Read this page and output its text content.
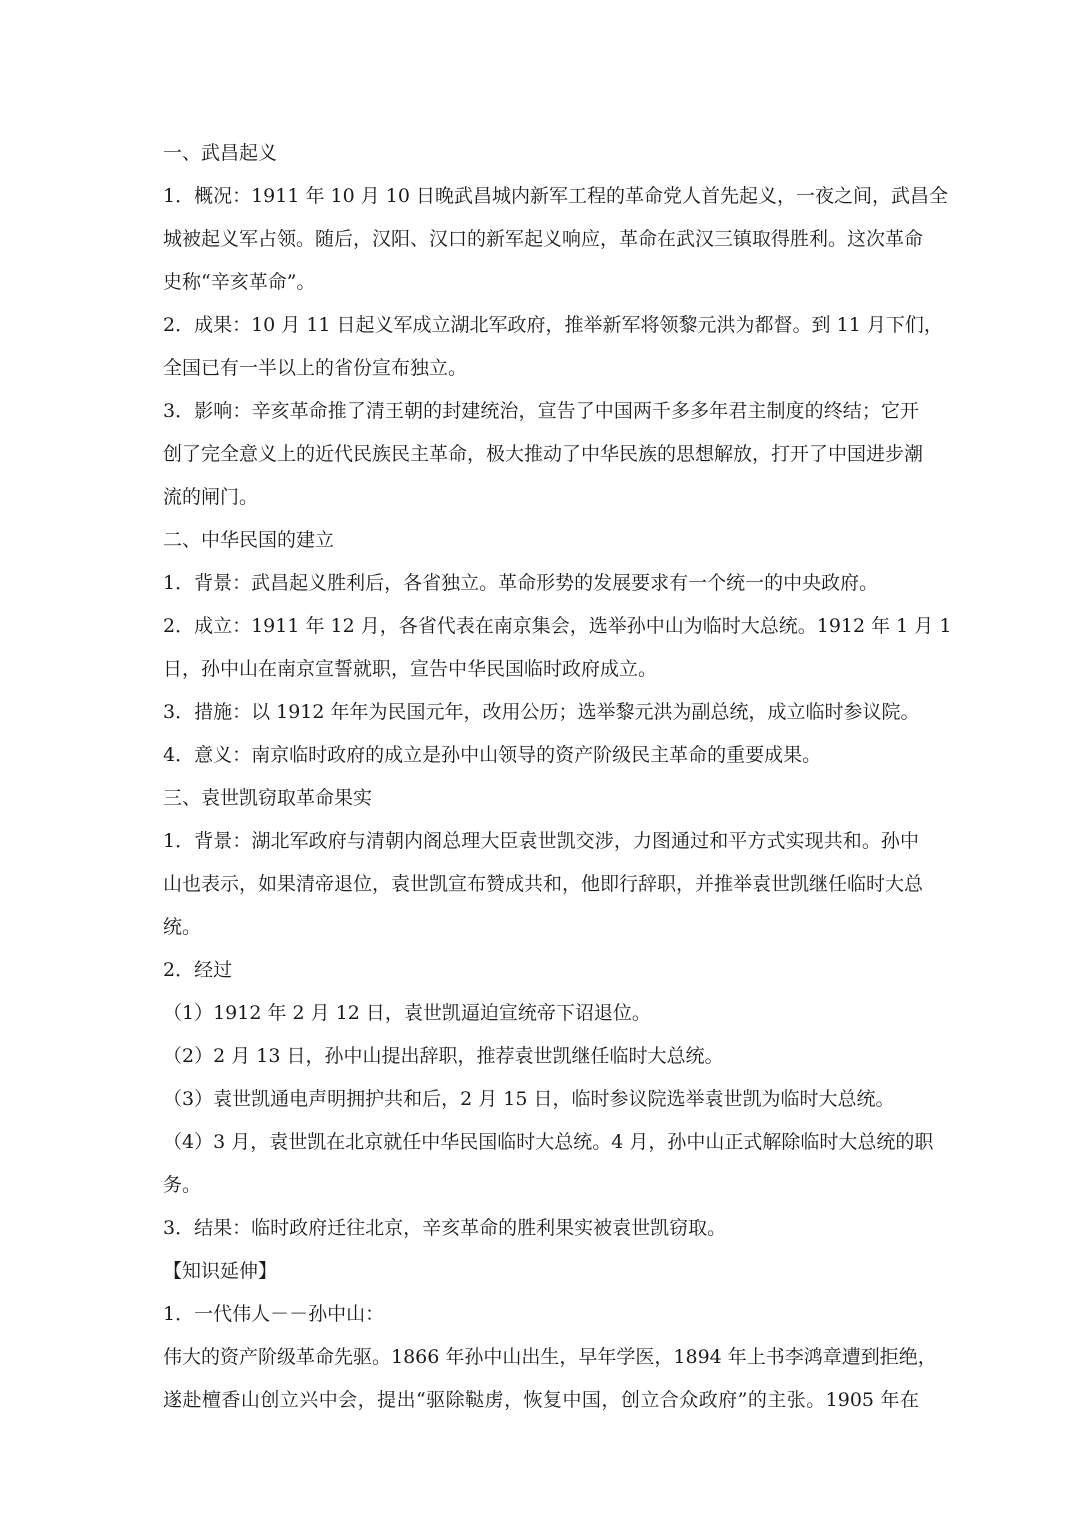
一、武昌起义
1．概况：1911 年 10 月 10 日晚武昌城内新军工程的革命党人首先起义，一夜之间，武昌全
城被起义军占领。随后，汉阳、汉口的新军起义响应，革命在武汉三镇取得胜利。这次革命
史称“辛亥革命”。
2．成果：10 月 11 日起义军成立湖北军政府，推举新军将领黎元洪为都督。到 11 月下们，
全国已有一半以上的省份宣布独立。
3．影响：辛亥革命推了清王朝的封建统治，宣告了中国两千多多年君主制度的终结；它开
创了完全意义上的近代民族民主革命，极大推动了中华民族的思想解放，打开了中国进步潮
流的闸门。
二、中华民国的建立
1．背景：武昌起义胜利后，各省独立。革命形势的发展要求有一个统一的中央政府。
2．成立：1911 年 12 月，各省代表在南京集会，选举孙中山为临时大总统。1912 年 1 月 1
日，孙中山在南京宣誓就职，宣告中华民国临时政府成立。
3．措施：以 1912 年年为民国元年，改用公历；选举黎元洪为副总统，成立临时参议院。
4．意义：南京临时政府的成立是孙中山领导的资产阶级民主革命的重要成果。
三、袁世凯窃取革命果实
1．背景：湖北军政府与清朝内阁总理大臣袁世凯交涉，力图通过和平方式实现共和。孙中
山也表示，如果清帝退位，袁世凯宣布赞成共和，他即行辞职，并推举袁世凯继任临时大总
统。
2．经过
（1）1912 年 2 月 12 日，袁世凯逼迫宣统帝下诏退位。
（2）2 月 13 日，孙中山提出辞职，推荐袁世凯继任临时大总统。
（3）袁世凯通电声明拥护共和后，2 月 15 日，临时参议院选举袁世凯为临时大总统。
（4）3 月，袁世凯在北京就任中华民国临时大总统。4 月，孙中山正式解除临时大总统的职
务。
3．结果：临时政府迁往北京，辛亥革命的胜利果实被袁世凯窃取。
【知识延伸】
1．一代伟人－－孙中山：
伟大的资产阶级革命先驱。1866 年孙中山出生，早年学医，1894 年上书李鸿章遭到拒绝，
遂赴檀香山创立兴中会，提出“驱除鞑虏，恢复中国，创立合众政府”的主张。1905 年在
